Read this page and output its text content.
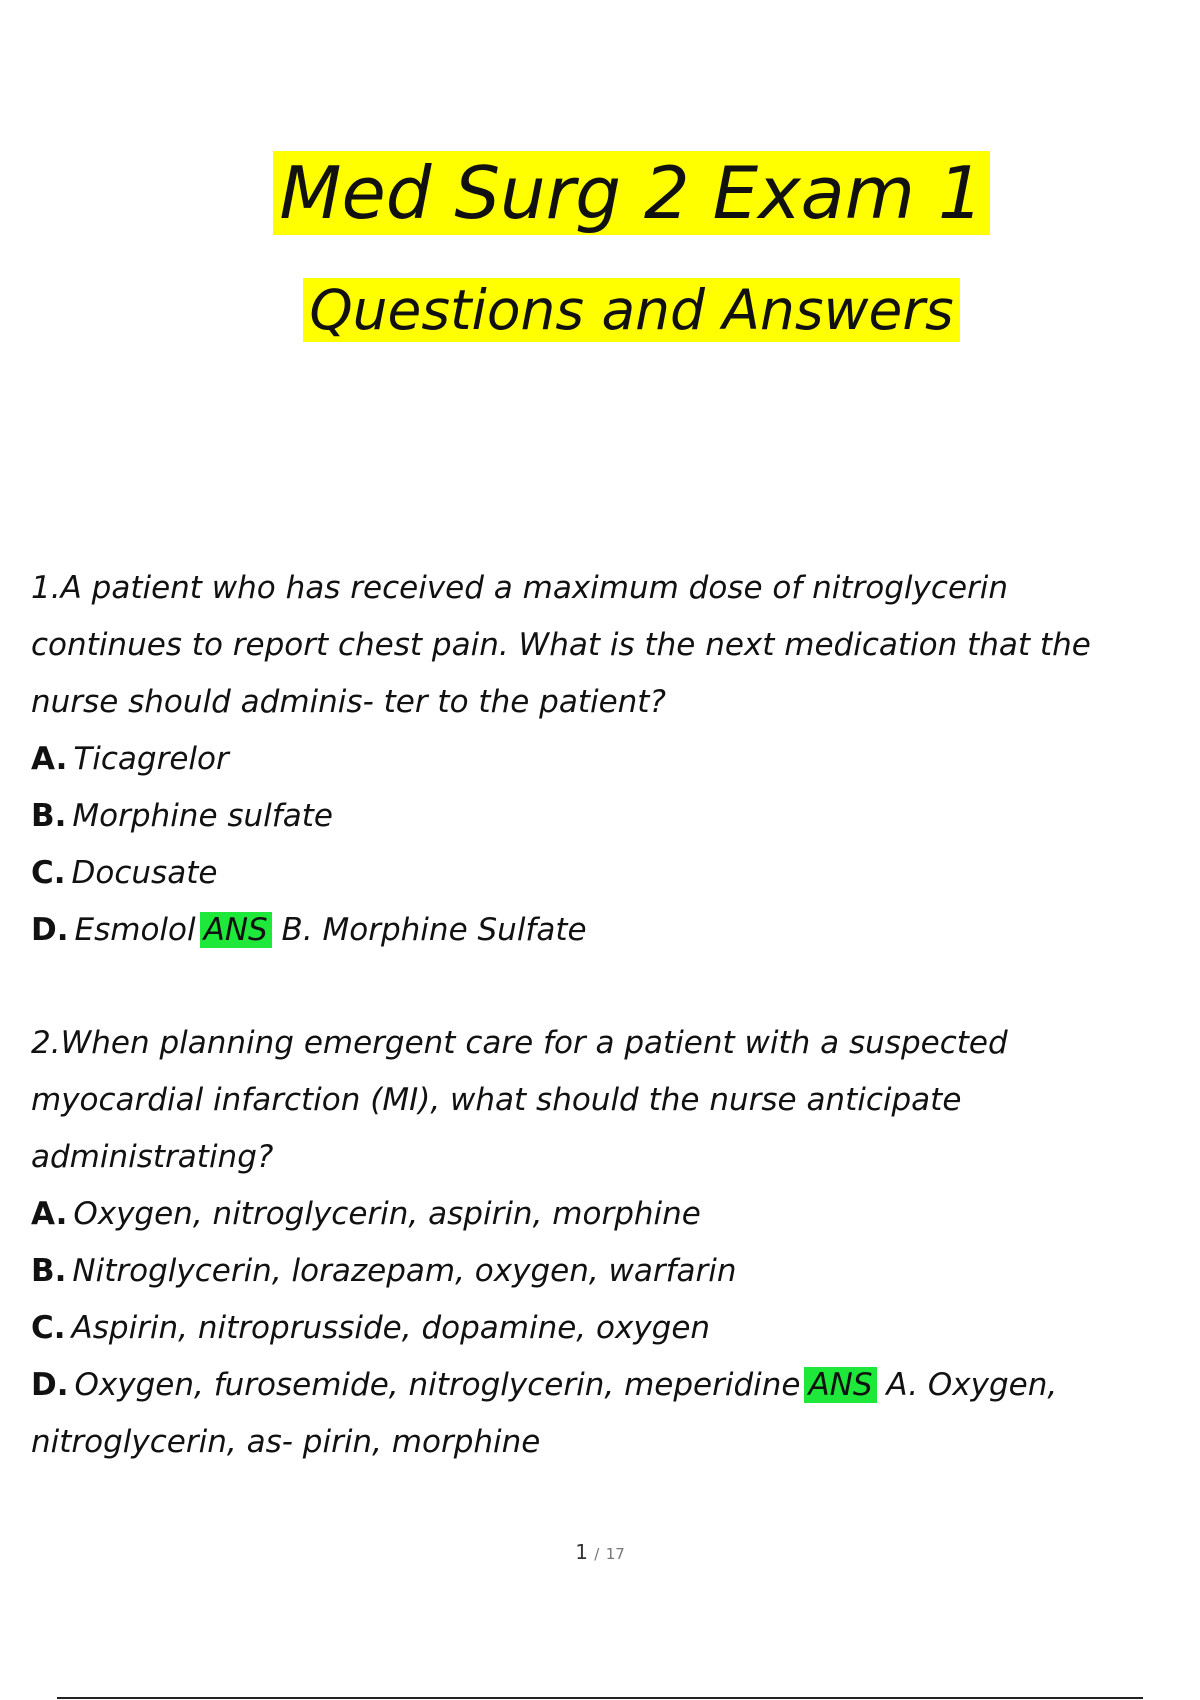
Med Surg 2 Exam 1
Questions and Answers
1.A patient who has received a maximum dose of nitroglycerin continues to report chest pain. What is the next medication that the nurse should adminis- ter to the patient?
A. Ticagrelor
B. Morphine sulfate
C. Docusate
D. Esmolol ANS B. Morphine Sulfate
2.When planning emergent care for a patient with a suspected myocardial infarction (MI), what should the nurse anticipate administrating?
A. Oxygen, nitroglycerin, aspirin, morphine
B. Nitroglycerin, lorazepam, oxygen, warfarin
C. Aspirin, nitroprusside, dopamine, oxygen
D. Oxygen, furosemide, nitroglycerin, meperidine ANS A. Oxygen, nitroglycerin, as- pirin, morphine
1 / 17
